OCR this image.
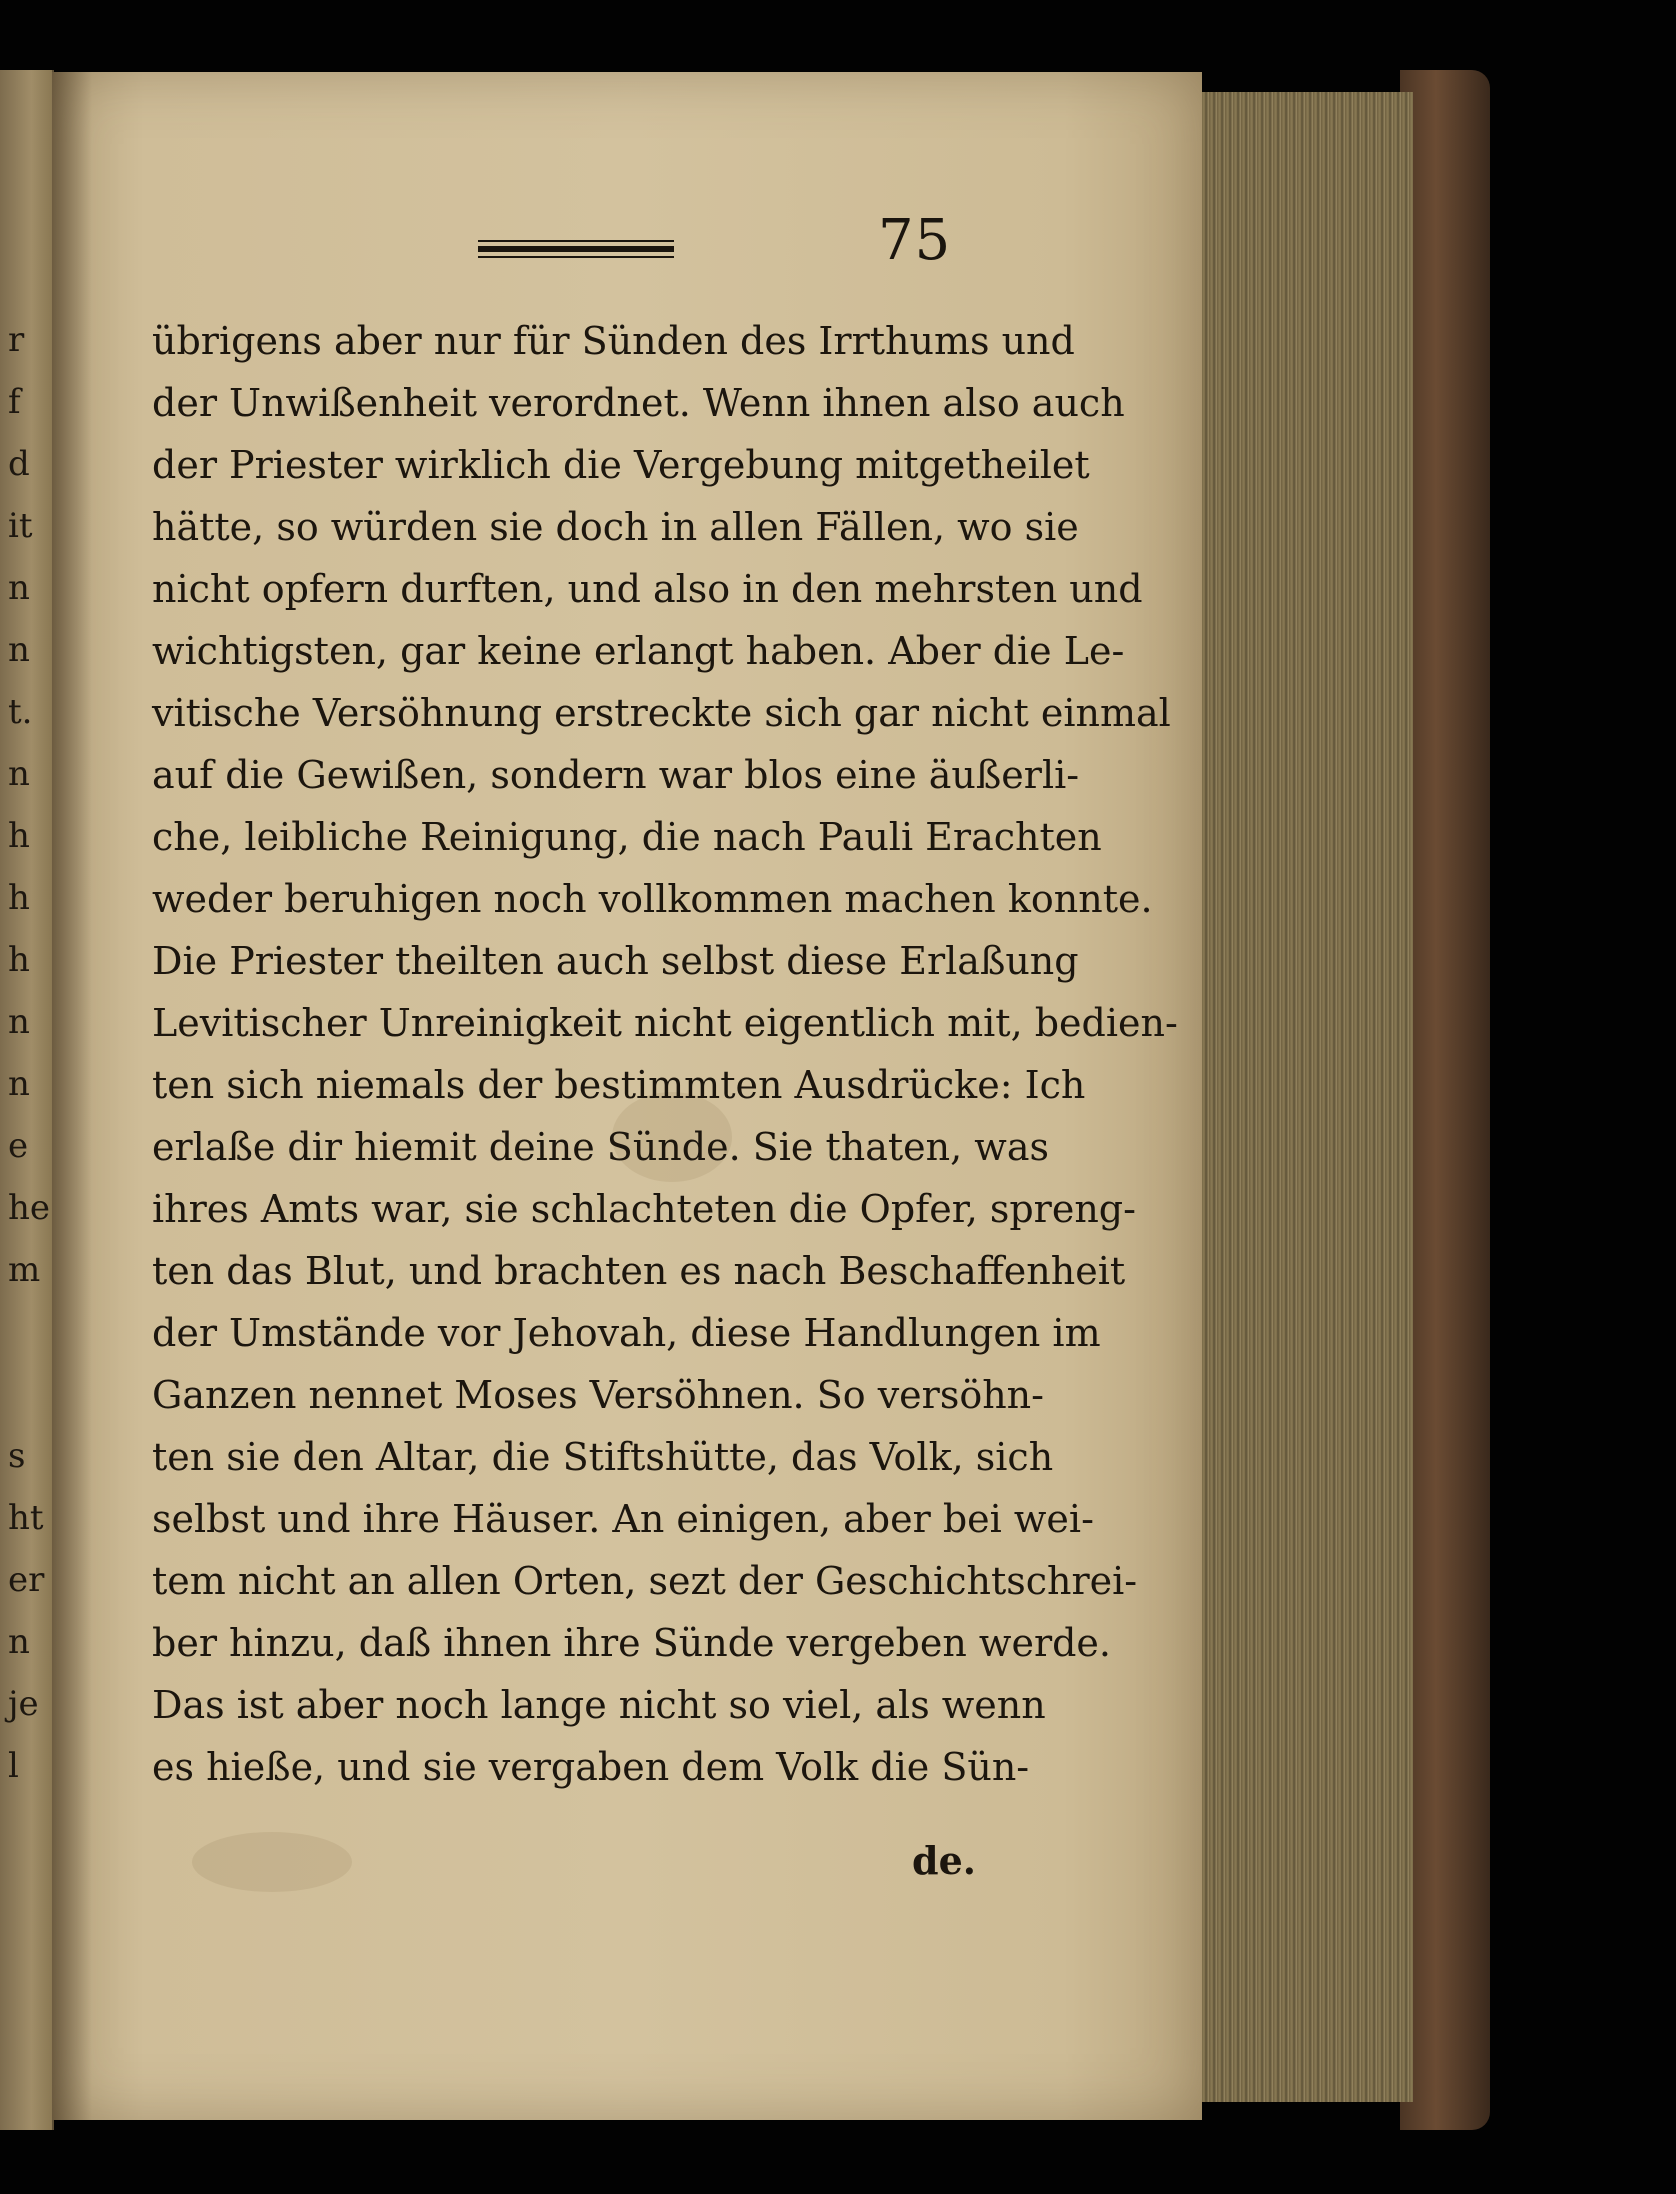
r
f
d
it
n
n
t.
n
h
h
h
n
n
e
he
m
s
ht
er
n
je
l
75
übrigens aber nur für Sünden des Irrthums und
der Unwißenheit verordnet. Wenn ihnen also auch
der Priester wirklich die Vergebung mitgetheilet
hätte, so würden sie doch in allen Fällen, wo sie
nicht opfern durften, und also in den mehrsten und
wichtigsten, gar keine erlangt haben. Aber die Le-
vitische Versöhnung erstreckte sich gar nicht einmal
auf die Gewißen, sondern war blos eine äußerli-
che, leibliche Reinigung, die nach Pauli Erachten
weder beruhigen noch vollkommen machen konnte.
Die Priester theilten auch selbst diese Erlaßung
Levitischer Unreinigkeit nicht eigentlich mit, bedien-
ten sich niemals der bestimmten Ausdrücke: Ich
erlaße dir hiemit deine Sünde. Sie thaten, was
ihres Amts war, sie schlachteten die Opfer, spreng-
ten das Blut, und brachten es nach Beschaffenheit
der Umstände vor Jehovah, diese Handlungen im
Ganzen nennet Moses Versöhnen. So versöhn-
ten sie den Altar, die Stiftshütte, das Volk, sich
selbst und ihre Häuser. An einigen, aber bei wei-
tem nicht an allen Orten, sezt der Geschichtschrei-
ber hinzu, daß ihnen ihre Sünde vergeben werde.
Das ist aber noch lange nicht so viel, als wenn
es hieße, und sie vergaben dem Volk die Sün-
de.
